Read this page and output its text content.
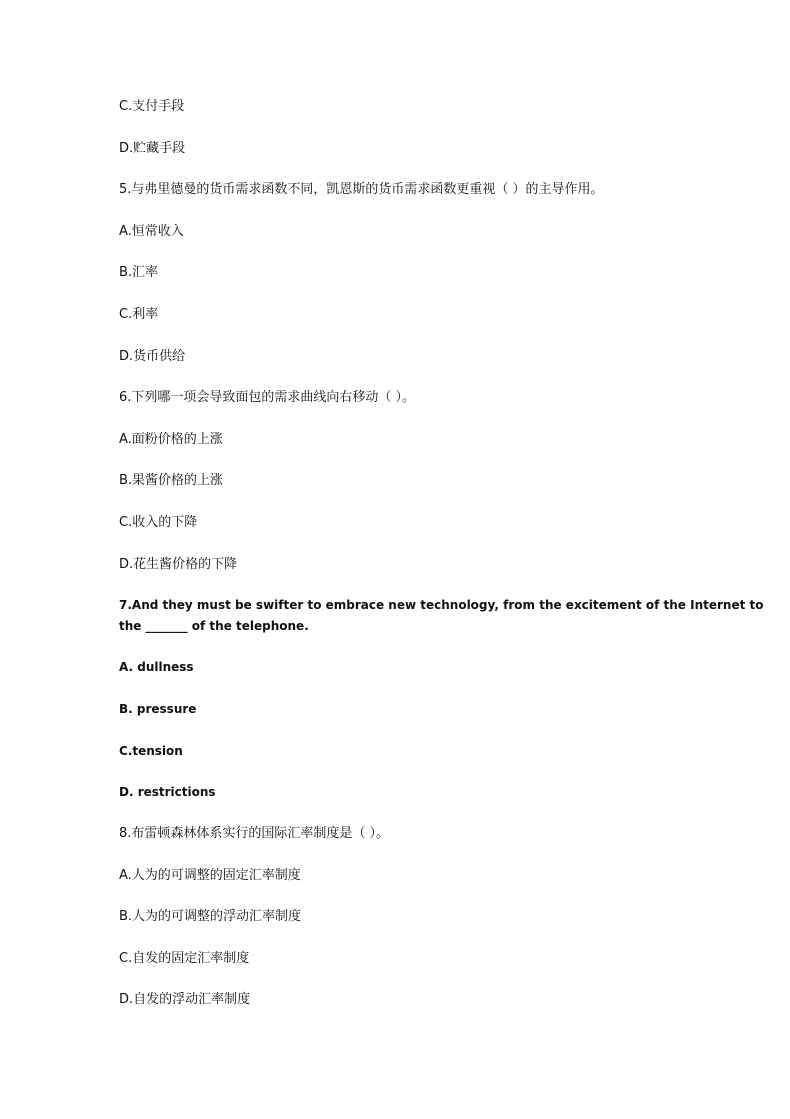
C.支付手段
D.贮藏手段
5.与弗里德曼的货币需求函数不同，凯恩斯的货币需求函数更重视（ ）的主导作用。
A.恒常收入
B.汇率
C.利率
D.货币供给
6.下列哪一项会导致面包的需求曲线向右移动（ ）。
A.面粉价格的上涨
B.果酱价格的上涨
C.收入的下降
D.花生酱价格的下降
7.And they must be swifter to embrace new technology, from the excitement of the Internet to
the _______ of the telephone.
A. dullness
B. pressure
C.tension
D. restrictions
8.布雷顿森林体系实行的国际汇率制度是（ ）。
A.人为的可调整的固定汇率制度
B.人为的可调整的浮动汇率制度
C.自发的固定汇率制度
D.自发的浮动汇率制度
